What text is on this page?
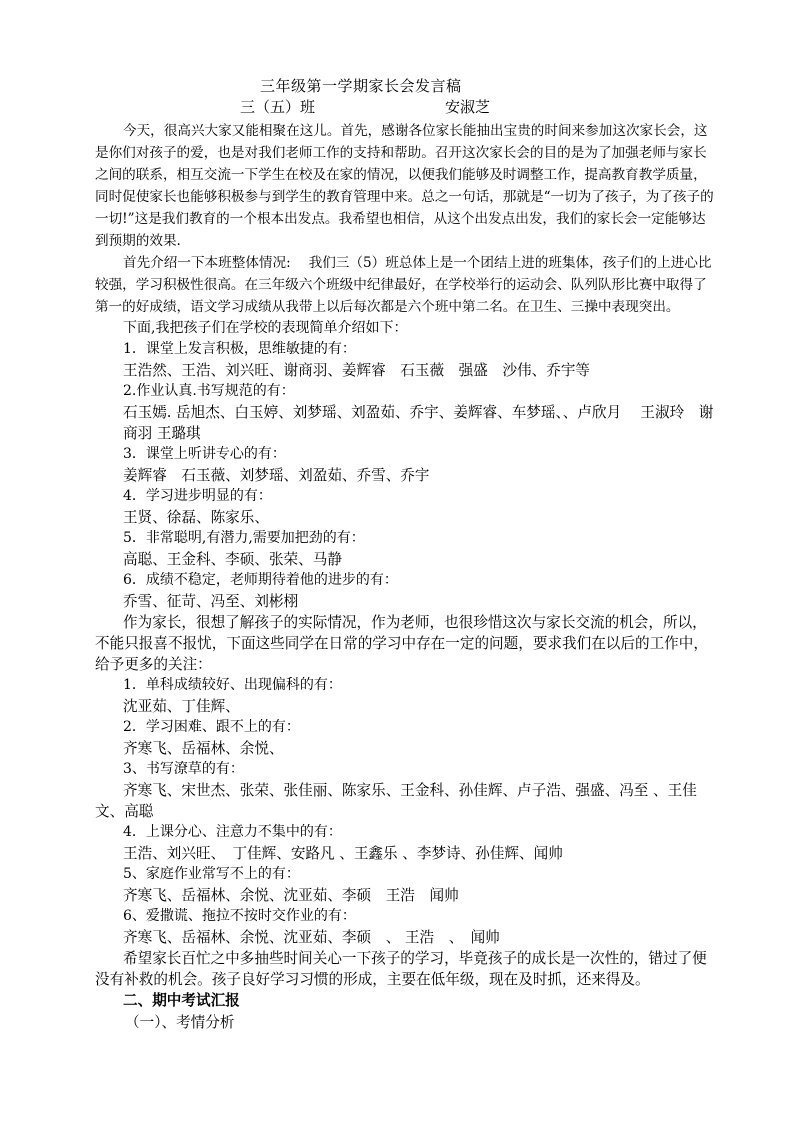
三年级第一学期家长会发言稿
三（五）班	安淑芝

今天，很高兴大家又能相聚在这儿。首先，感谢各位家长能抽出宝贵的时间来参加这次家长会，这是你们对孩子的爱，也是对我们老师工作的支持和帮助。召开这次家长会的目的是为了加强老师与家长之间的联系，相互交流一下学生在校及在家的情况，以便我们能够及时调整工作，提高教育教学质量，同时促使家长也能够积极参与到学生的教育管理中来。总之一句话，那就是“一切为了孩子，为了孩子的一切!”这是我们教育的一个根本出发点。我希望也相信，从这个出发点出发，我们的家长会一定能够达到预期的效果.

首先介绍一下本班整体情况:　 我们三（5）班总体上是一个团结上进的班集体，孩子们的上进心比较强，学习积极性很高。在三年级六个班级中纪律最好，在学校举行的运动会、队列队形比赛中取得了第一的好成绩，语文学习成绩从我带上以后每次都是六个班中第二名。在卫生、三操中表现突出。

下面,我把孩子们在学校的表现简单介绍如下：

1．课堂上发言积极，思维敏捷的有：

王浩然、王浩、刘兴旺、谢商羽、姜辉睿　石玉薇　强盛　沙伟、乔宇等

2.作业认真.书写规范的有：

石玉嫣. 岳旭杰、白玉婷、刘梦瑶、刘盈茹、乔宇、姜辉睿、车梦瑶、、卢欣月　 王淑玲　谢商羽 王璐琪

3．课堂上听讲专心的有：

姜辉睿　石玉薇、刘梦瑶、刘盈茹、乔雪、乔宇

4．学习进步明显的有：

王贤、徐磊、陈家乐、

5．非常聪明,有潜力,需要加把劲的有：

高聪、王金科、李硕、张荣、马静

6．成绩不稳定，老师期待着他的进步的有：

乔雪、征苛、冯至、刘彬栩

作为家长，很想了解孩子的实际情况，作为老师，也很珍惜这次与家长交流的机会，所以，不能只报喜不报忧，下面这些同学在日常的学习中存在一定的问题，要求我们在以后的工作中，给予更多的关注：

1．单科成绩较好、出现偏科的有：

沈亚茹、丁佳辉、

2．学习困难、跟不上的有：

齐寒飞、岳福林、余悦、

3、书写潦草的有：

齐寒飞、宋世杰、张荣、张佳丽、陈家乐、王金科、孙佳辉、卢子浩、强盛、冯至 、王佳文、高聪

4．上课分心、注意力不集中的有：

王浩、刘兴旺、　丁佳辉、安路凡 、王鑫乐 、李梦诗、孙佳辉、闻帅

5、家庭作业常写不上的有：

齐寒飞、岳福林、余悦、沈亚茹、李硕　王浩　闻帅

6、爱撒谎、拖拉不按时交作业的有：

齐寒飞、岳福林、余悦、沈亚茹、李硕　、 王浩　、　闻帅

希望家长百忙之中多抽些时间关心一下孩子的学习，毕竟孩子的成长是一次性的，错过了便没有补救的机会。孩子良好学习习惯的形成，主要在低年级，现在及时抓，还来得及。

二、期中考试汇报

（一）、考情分析
